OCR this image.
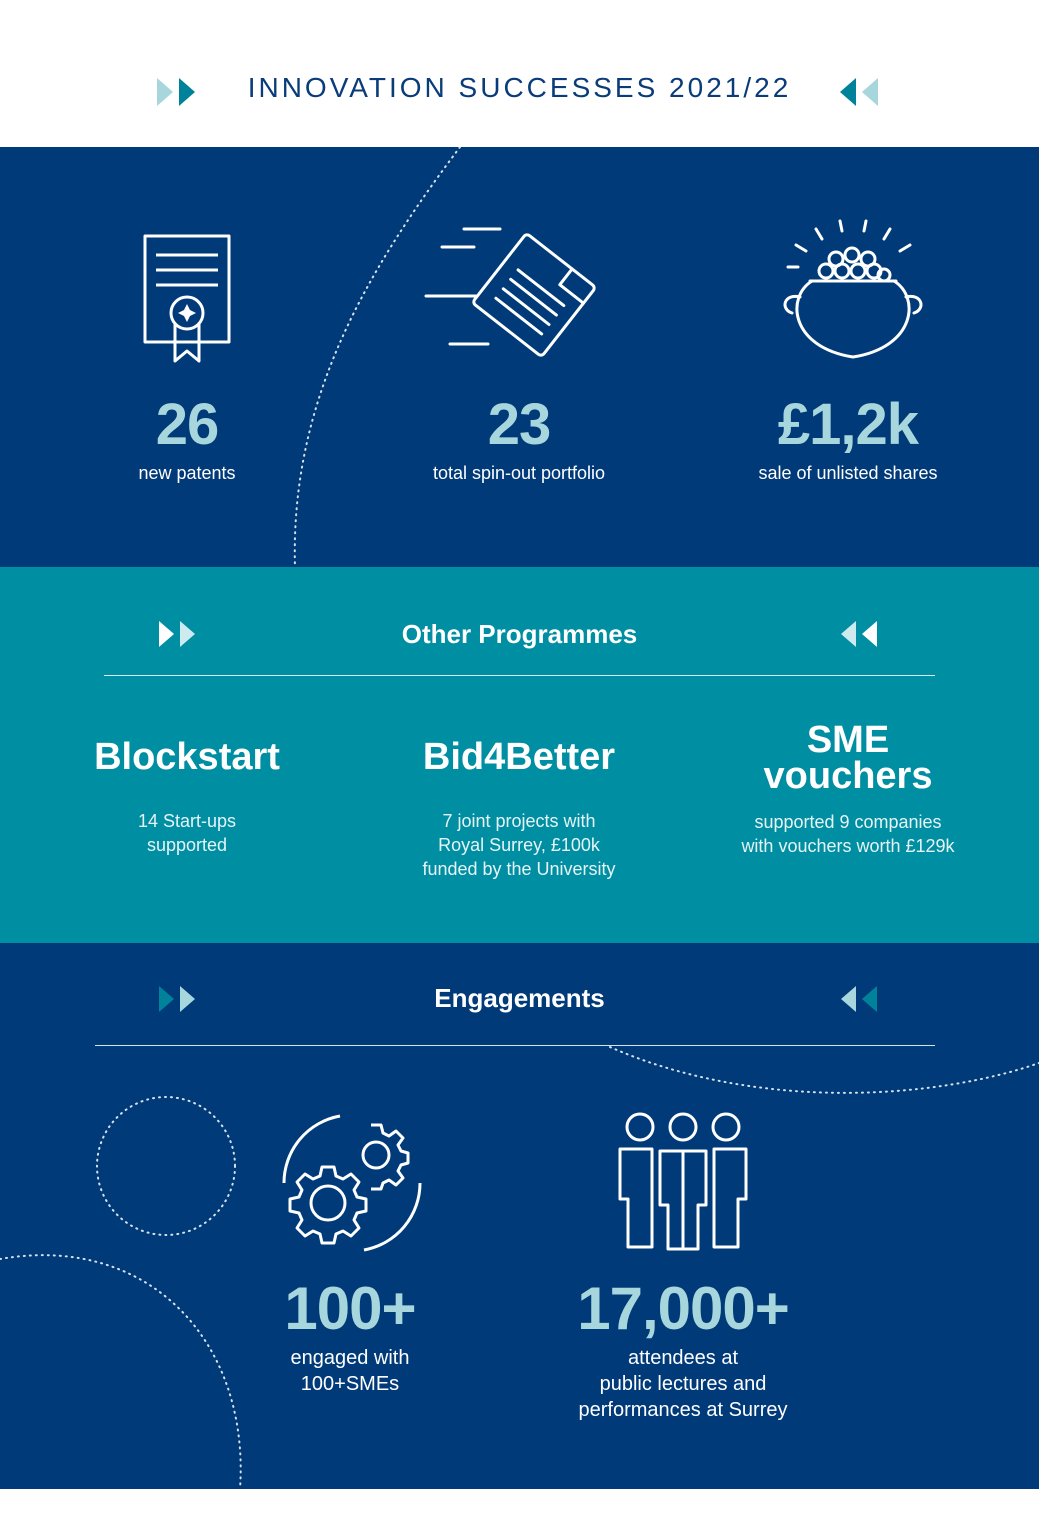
INNOVATION SUCCESSES 2021/22
26
new patents
23
total spin-out portfolio
£1,2k
sale of unlisted shares
Other Programmes
Blockstart
14 Start-ups
supported
Bid4Better
7 joint projects with
Royal Surrey, £100k
funded by the University
SME
vouchers
supported 9 companies
with vouchers worth £129k
Engagements
100+
engaged with
100+SMEs
17,000+
attendees at
public lectures and
performances at Surrey
